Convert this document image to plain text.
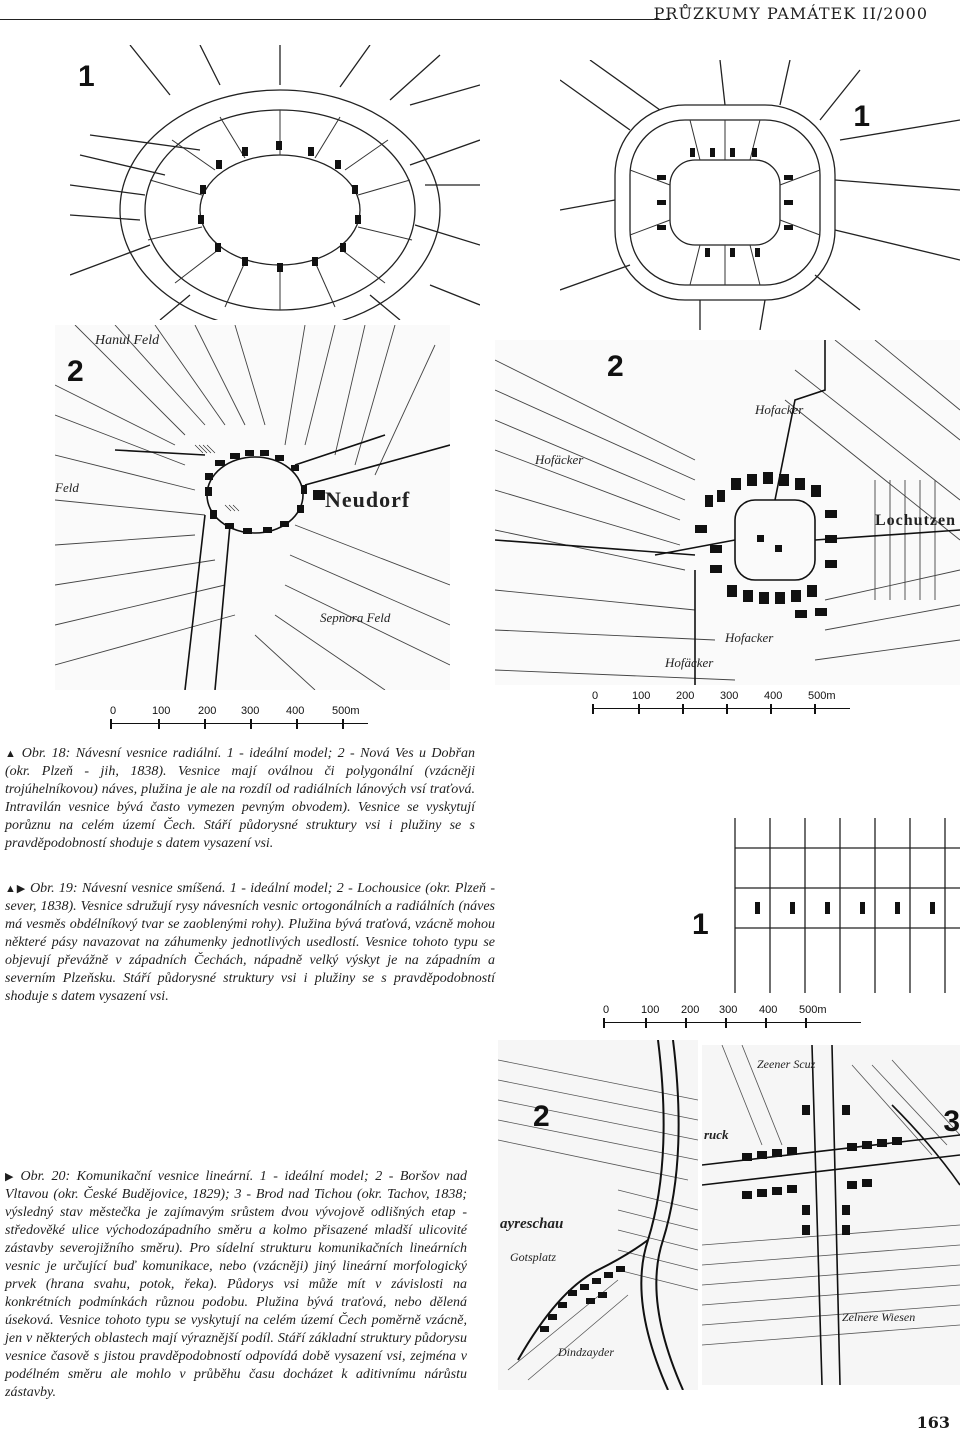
PRŮZKUMY PAMÁTEK II/2000
1
1
2
Hanul Feld
Neudorf
Feld
Sepnora Feld
2
Hofacker
Hofäcker
Lochutzen
Hofacker
Hofäcker
0	100	200 300 400	500m
0	100 200 300 400 500m
▲ Obr. 18: Návesní vesnice radiální. 1 - ideální model; 2 - Nová Ves u Dobřan (okr. Plzeň - jih, 1838). Vesnice mají oválnou či polygonální (vzácněji trojúhelníkovou) náves, plužina je ale na rozdíl od radiálních lánových vsí traťová. Intravilán vesnice bývá často vymezen pevným obvodem). Vesnice se vyskytují porůznu na celém území Čech. Stáří půdorysné struktury vsi i plužiny se s pravděpodobností shoduje s datem vysazení vsi.
1
▲▶ Obr. 19: Návesní vesnice smíšená. 1 - ideální model; 2 - Lochousice (okr. Plzeň - sever, 1838). Vesnice sdružují rysy návesních vesnic ortogonálních a radiálních (náves má vesměs obdélníkový tvar se zaoblenými rohy). Plužina bývá traťová, vzácně mohou některé pásy navazovat na záhumenky jednotlivých usedlostí. Vesnice tohoto typu se objevují převážně v západních Čechách, nápadně velký výskyt je na západním a severním Plzeňsku. Stáří půdorysné struktury vsi i plužiny se s pravděpodobností shoduje s datem vysazení vsi.
0	100 200 300 400 500m
2
ayreschau
Gotsplatz
Dindzayder
3
Zeener Scuz
ruck
Zelnere Wiesen
▶ Obr. 20: Komunikační vesnice lineární. 1 - ideální model; 2 - Boršov nad Vltavou (okr. České Budějovice, 1829); 3 - Brod nad Tichou (okr. Tachov, 1838; výsledný stav městečka je zajímavým srůstem dvou vývojově odlišných etap - středověké ulice východozápadního směru a kolmo přisazené mladší ulicovité zástavby severojižního směru). Pro sídelní strukturu komunikačních lineárních vesnic je určující buď komunikace, nebo (vzácněji) jiný lineární morfologický prvek (hrana svahu, potok, řeka). Půdorys vsi může mít v závislosti na konkrétních podmínkách různou podobu. Plužina bývá traťová, nebo dělená úseková. Vesnice tohoto typu se vyskytují na celém území Čech poměrně vzácně, jen v některých oblastech mají výraznější podíl. Stáří základní struktury půdorysu vesnice časově s jistou pravděpodobností odpovídá době vysazení vsi, zejména v podélném směru ale mohlo v průběhu času docházet k aditivnímu nárůstu zástavby.
163
